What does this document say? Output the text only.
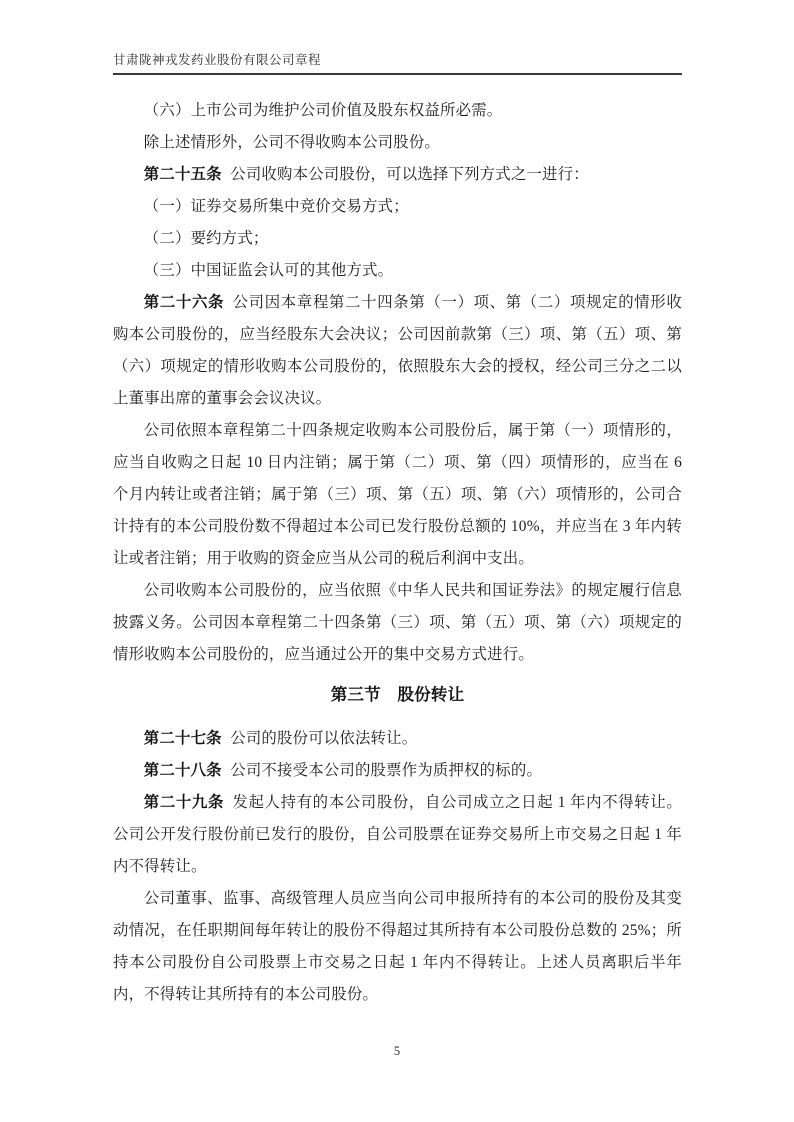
甘肃陇神戎发药业股份有限公司章程

（六）上市公司为维护公司价值及股东权益所必需。

除上述情形外，公司不得收购本公司股份。

第二十五条 公司收购本公司股份，可以选择下列方式之一进行：

（一）证券交易所集中竞价交易方式；

（二）要约方式；

（三）中国证监会认可的其他方式。

第二十六条 公司因本章程第二十四条第（一）项、第（二）项规定的情形收购本公司股份的，应当经股东大会决议；公司因前款第（三）项、第（五）项、第（六）项规定的情形收购本公司股份的，依照股东大会的授权，经公司三分之二以上董事出席的董事会会议决议。

公司依照本章程第二十四条规定收购本公司股份后，属于第（一）项情形的，应当自收购之日起 10 日内注销；属于第（二）项、第（四）项情形的，应当在 6 个月内转让或者注销；属于第（三）项、第（五）项、第（六）项情形的，公司合计持有的本公司股份数不得超过本公司已发行股份总额的 10%，并应当在 3 年内转让或者注销；用于收购的资金应当从公司的税后利润中支出。

公司收购本公司股份的，应当依照《中华人民共和国证券法》的规定履行信息披露义务。公司因本章程第二十四条第（三）项、第（五）项、第（六）项规定的情形收购本公司股份的，应当通过公开的集中交易方式进行。

第三节　股份转让

第二十七条 公司的股份可以依法转让。

第二十八条 公司不接受本公司的股票作为质押权的标的。

第二十九条 发起人持有的本公司股份，自公司成立之日起 1 年内不得转让。公司公开发行股份前已发行的股份，自公司股票在证券交易所上市交易之日起 1 年内不得转让。

公司董事、监事、高级管理人员应当向公司申报所持有的本公司的股份及其变动情况，在任职期间每年转让的股份不得超过其所持有本公司股份总数的 25%；所持本公司股份自公司股票上市交易之日起 1 年内不得转让。上述人员离职后半年内，不得转让其所持有的本公司股份。

5
